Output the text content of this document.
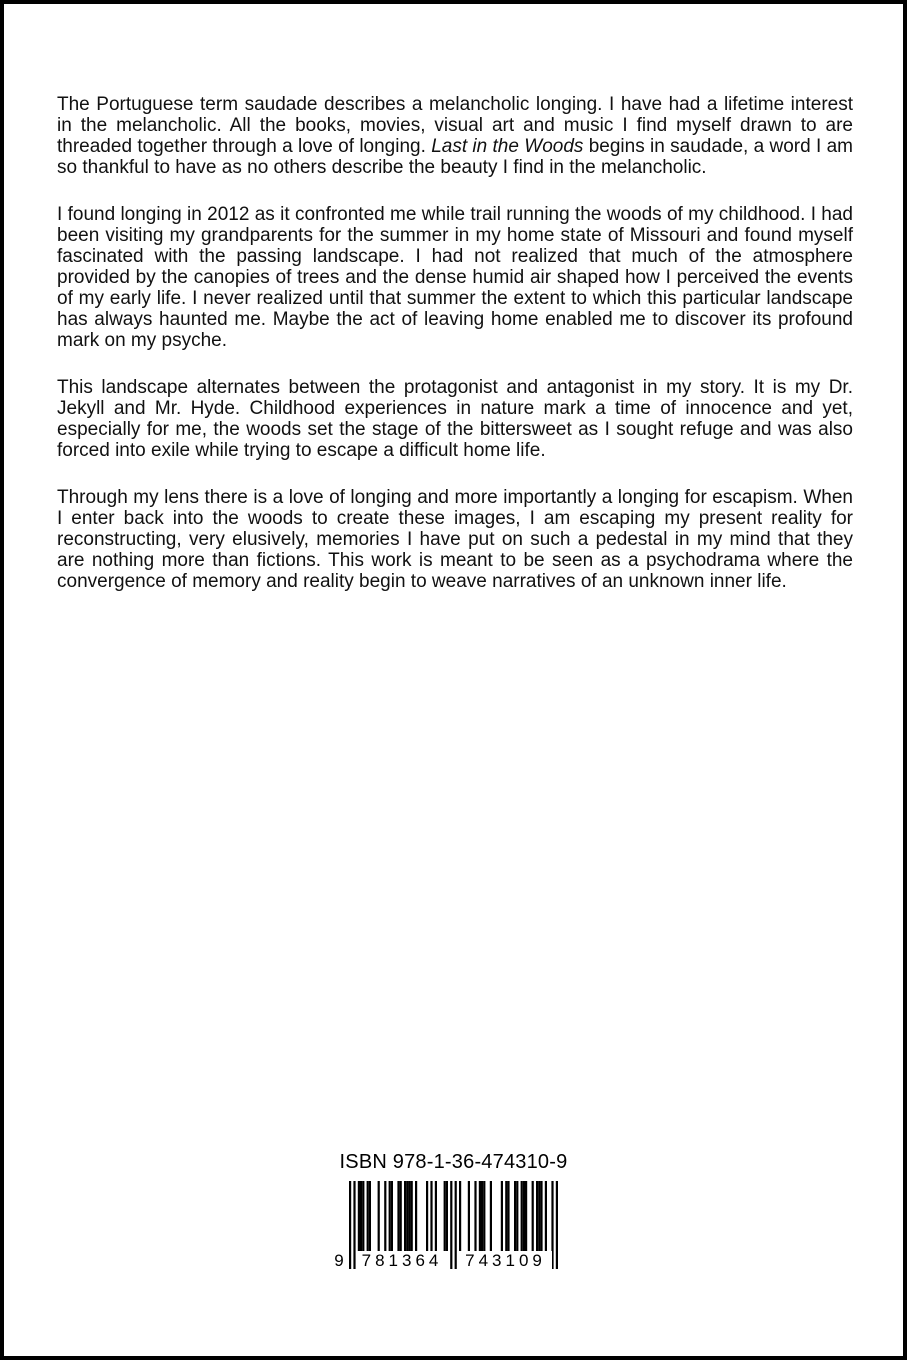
The Portuguese term saudade describes a melancholic longing. I have had a lifetime interest in the melancholic. All the books, movies, visual art and music I find myself drawn to are threaded together through a love of longing. Last in the Woods begins in saudade, a word I am so thankful to have as no others describe the beauty I find in the melancholic.

I found longing in 2012 as it confronted me while trail running the woods of my childhood. I had been visiting my grandparents for the summer in my home state of Missouri and found myself fascinated with the passing landscape. I had not realized that much of the atmosphere provided by the canopies of trees and the dense humid air shaped how I perceived the events of my early life. I never realized until that summer the extent to which this particular landscape has always haunted me. Maybe the act of leaving home enabled me to discover its profound mark on my psyche.

This landscape alternates between the protagonist and antagonist in my story. It is my Dr. Jekyll and Mr. Hyde. Childhood experiences in nature mark a time of innocence and yet, especially for me, the woods set the stage of the bittersweet as I sought refuge and was also forced into exile while trying to escape a difficult home life.

Through my lens there is a love of longing and more importantly a longing for escapism. When I enter back into the woods to create these images, I am escaping my present reality for reconstructing, very elusively, memories I have put on such a pedestal in my mind that they are nothing more than fictions. This work is meant to be seen as a psychodrama where the convergence of memory and reality begin to weave narratives of an unknown inner life.

ISBN 978-1-36-474310-9
9	781364	743109
